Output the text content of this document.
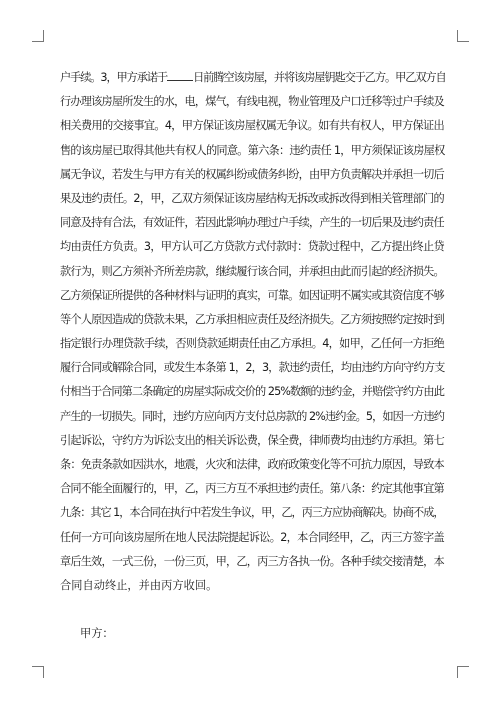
户手续。3，甲方承诺于 日前腾空该房屋，并将该房屋钥匙交于乙方。甲乙双方自
行办理该房屋所发生的水，电，煤气，有线电视，物业管理及户口迁移等过户手续及
相关费用的交接事宜。4，甲方保证该房屋权属无争议。如有共有权人，甲方保证出
售的该房屋已取得其他共有权人的同意。第六条：违约责任 1，甲方须保证该房屋权
属无争议，若发生与甲方有关的权属纠纷或债务纠纷，由甲方负责解决并承担一切后
果及违约责任。2，甲，乙双方须保证该房屋结构无拆改或拆改得到相关管理部门的
同意及持有合法，有效证件，若因此影响办理过户手续，产生的一切后果及违约责任
均由责任方负责。3，甲方认可乙方贷款方式付款时：贷款过程中，乙方提出终止贷
款行为，则乙方须补齐所差房款，继续履行该合同，并承担由此而引起的经济损失。
乙方须保证所提供的各种材料与证明的真实，可靠。如因证明不属实或其资信度不够
等个人原因造成的贷款未果，乙方承担相应责任及经济损失。乙方须按照约定按时到
指定银行办理贷款手续，否则贷款延期责任由乙方承担。4，如甲，乙任何一方拒绝
履行合同或解除合同，或发生本条第 1，2，3，款违约责任，均由违约方向守约方支
付相当于合同第二条确定的房屋实际成交价的 25%数额的违约金，并赔偿守约方由此
产生的一切损失。同时，违约方应向丙方支付总房款的 2%违约金。5，如因一方违约
引起诉讼，守约方为诉讼支出的相关诉讼费，保全费，律师费均由违约方承担。第七
条：免责条款如因洪水，地震，火灾和法律，政府政策变化等不可抗力原因，导致本
合同不能全面履行的，甲，乙，丙三方互不承担违约责任。第八条：约定其他事宜第
九条：其它 1，本合同在执行中若发生争议，甲，乙，丙三方应协商解决。协商不成，
任何一方可向该房屋所在地人民法院提起诉讼。2，本合同经甲，乙，丙三方签字盖
章后生效，一式三份，一份三页，甲，乙，丙三方各执一份。各种手续交接清楚，本
合同自动终止，并由丙方收回。
甲方：
